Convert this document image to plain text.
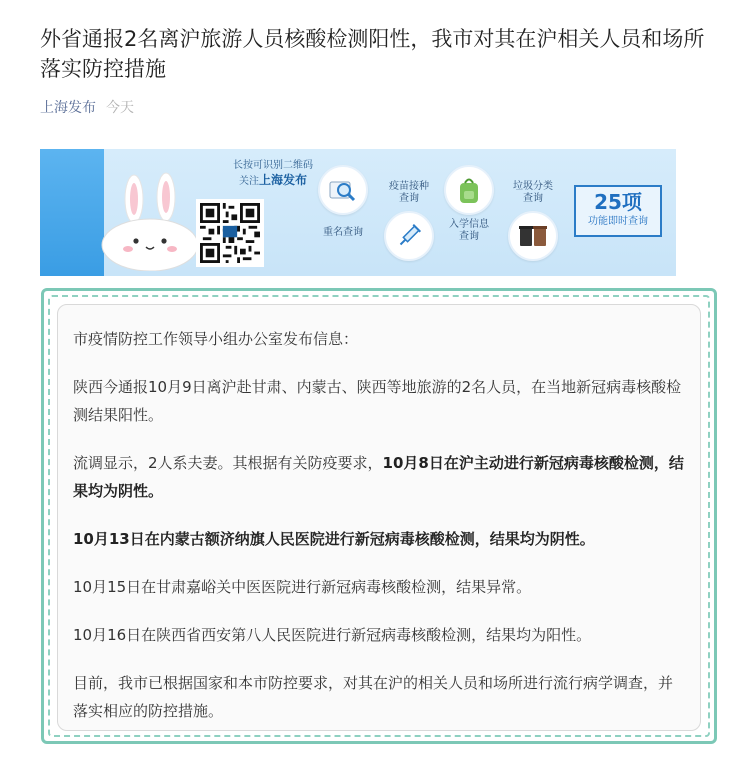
外省通报2名离沪旅游人员核酸检测阳性，我市对其在沪相关人员和场所落实防控措施
上海发布 今天
长按可识别二维码
关注上海发布
重名查询
疫苗接种
查询
入学信息
查询
垃圾分类
查询	25项
功能即时查询

市疫情防控工作领导小组办公室发布信息：

陕西今通报10月9日离沪赴甘肃、内蒙古、陕西等地旅游的2名人员，在当地新冠病毒核酸检测结果阳性。

流调显示，2人系夫妻。其根据有关防疫要求，10月8日在沪主动进行新冠病毒核酸检测，结果均为阴性。

10月13日在内蒙古额济纳旗人民医院进行新冠病毒核酸检测，结果均为阴性。

10月15日在甘肃嘉峪关中医医院进行新冠病毒核酸检测，结果异常。

10月16日在陕西省西安第八人民医院进行新冠病毒核酸检测，结果均为阳性。

目前，我市已根据国家和本市防控要求，对其在沪的相关人员和场所进行流行病学调查，并落实相应的防控措施。
